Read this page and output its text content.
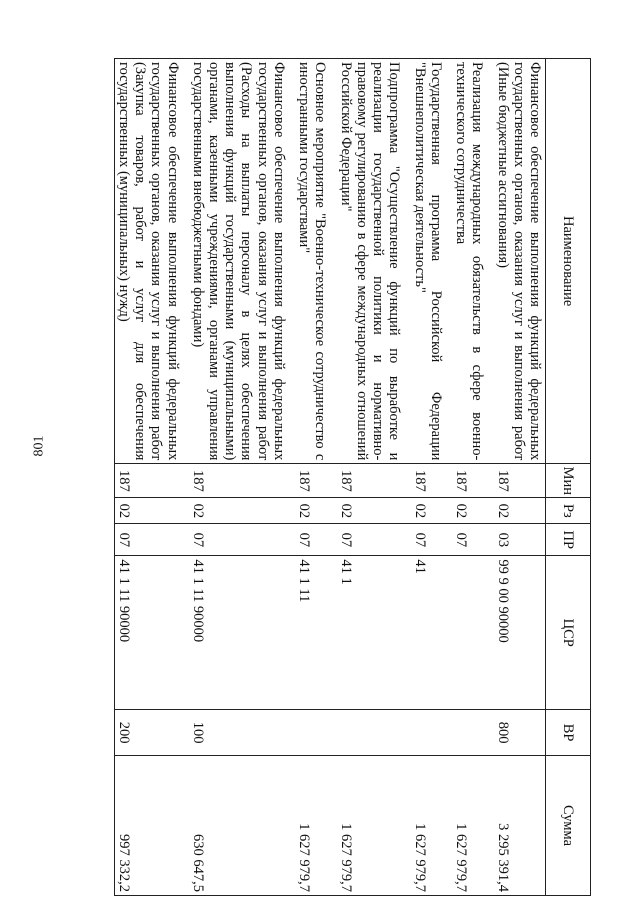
801
Наименование	Мин	Рз	ПР	ЦСР	ВР	Сумма
Финансовое обеспечение выполнения функций федеральных государственных органов, оказания услуг и выполнения работ (Иные бюджетные ассигнования)	187	02	03	99 9 00 90000	800	3 295 391,4
Реализация международных обязательств в сфере военно-технического сотрудничества	187	02	07			1 627 979,7
Государственная программа Российской Федерации "Внешнеполитическая деятельность"	187	02	07	41		1 627 979,7
Подпрограмма "Осуществление функций по выработке и реализации государственной политики и нормативно-правовому регулированию в сфере международных отношений Российской Федерации"	187	02	07	41 1		1 627 979,7
Основное мероприятие "Военно-техническое сотрудничество с иностранными государствами"	187	02	07	41 1 11		1 627 979,7
Финансовое обеспечение выполнения функций федеральных государственных органов, оказания услуг и выполнения работ (Расходы на выплаты персоналу в целях обеспечения выполнения функций государственными (муниципальными) органами, казенными учреждениями, органами управления государственными внебюджетными фондами)	187	02	07	41 1 11 90000	100	630 647,5
Финансовое обеспечение выполнения функций федеральных государственных органов, оказания услуг и выполнения работ (Закупка товаров, работ и услуг для обеспечения государственных (муниципальных) нужд)	187	02	07	41 1 11 90000	200	997 332,2
